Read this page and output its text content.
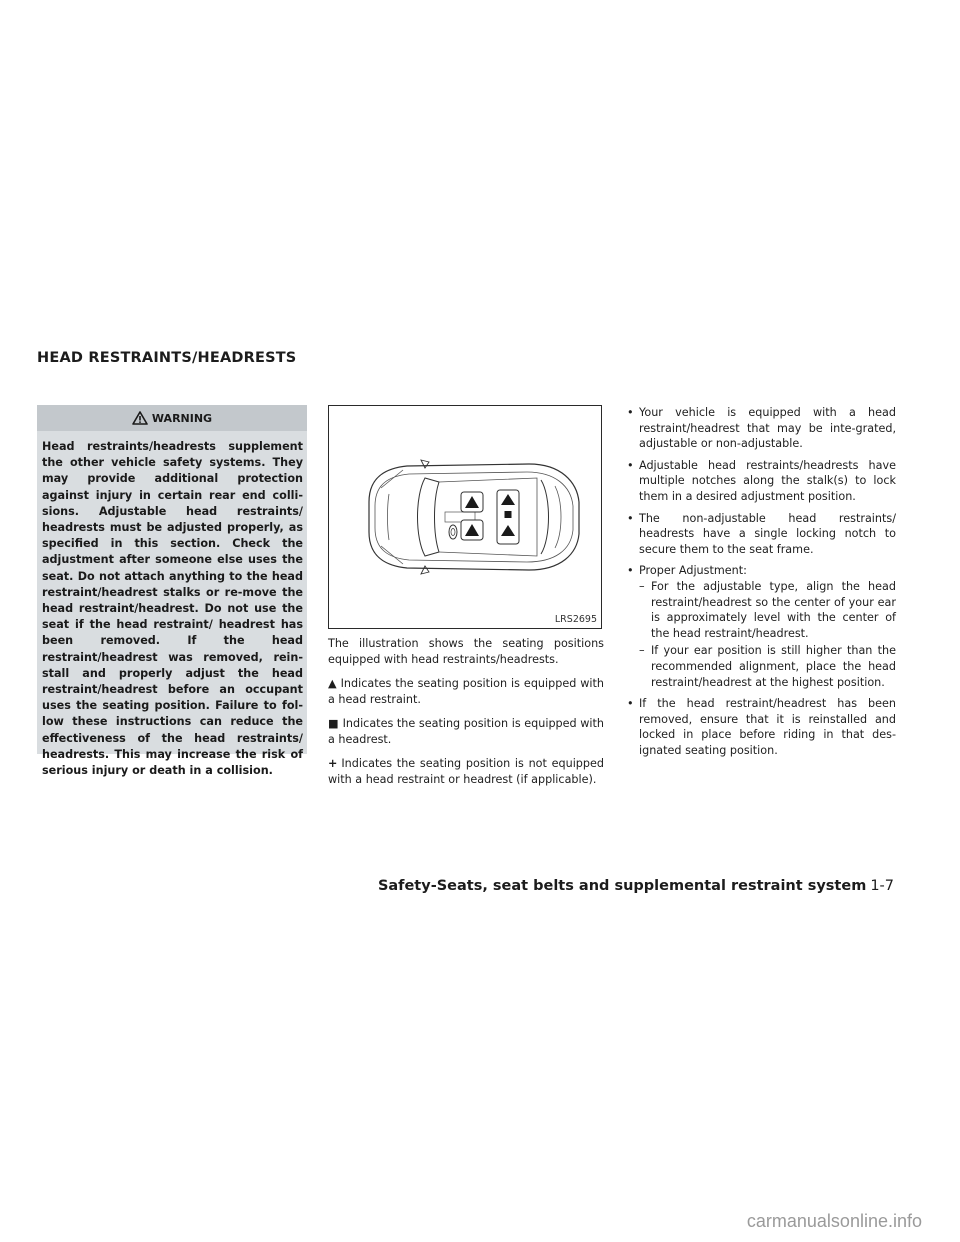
HEAD RESTRAINTS/HEADRESTS
WARNING

Head restraints/headrests supplement the other vehicle safety systems. They may provide additional protection against injury in certain rear end colli-sions. Adjustable head restraints/ headrests must be adjusted properly, as specified in this section. Check the adjustment after someone else uses the seat. Do not attach anything to the head restraint/headrest stalks or re-move the head restraint/headrest. Do not use the seat if the head restraint/ headrest has been removed. If the head restraint/headrest was removed, rein-stall and properly adjust the head restraint/headrest before an occupant uses the seating position. Failure to fol-low these instructions can reduce the effectiveness of the head restraints/ headrests. This may increase the risk of serious injury or death in a collision.

LRS2695

The illustration shows the seating positions equipped with head restraints/headrests.

▲ Indicates the seating position is equipped with a head restraint.

■ Indicates the seating position is equipped with a headrest.

+ Indicates the seating position is not equipped with a head restraint or headrest (if applicable).

• Your vehicle is equipped with a head restraint/headrest that may be inte-grated, adjustable or non-adjustable.

• Adjustable head restraints/headrests have multiple notches along the stalk(s) to lock them in a desired adjustment position.

• The non-adjustable head restraints/ headrests have a single locking notch to secure them to the seat frame.

• Proper Adjustment:

– For the adjustable type, align the head restraint/headrest so the center of your ear is approximately level with the center of the head restraint/headrest.

– If your ear position is still higher than the recommended alignment, place the head restraint/headrest at the highest position.

• If the head restraint/headrest has been removed, ensure that it is reinstalled and locked in place before riding in that des-ignated seating position.

Safety-Seats, seat belts and supplemental restraint system 1-7
carmanualsonline.info
